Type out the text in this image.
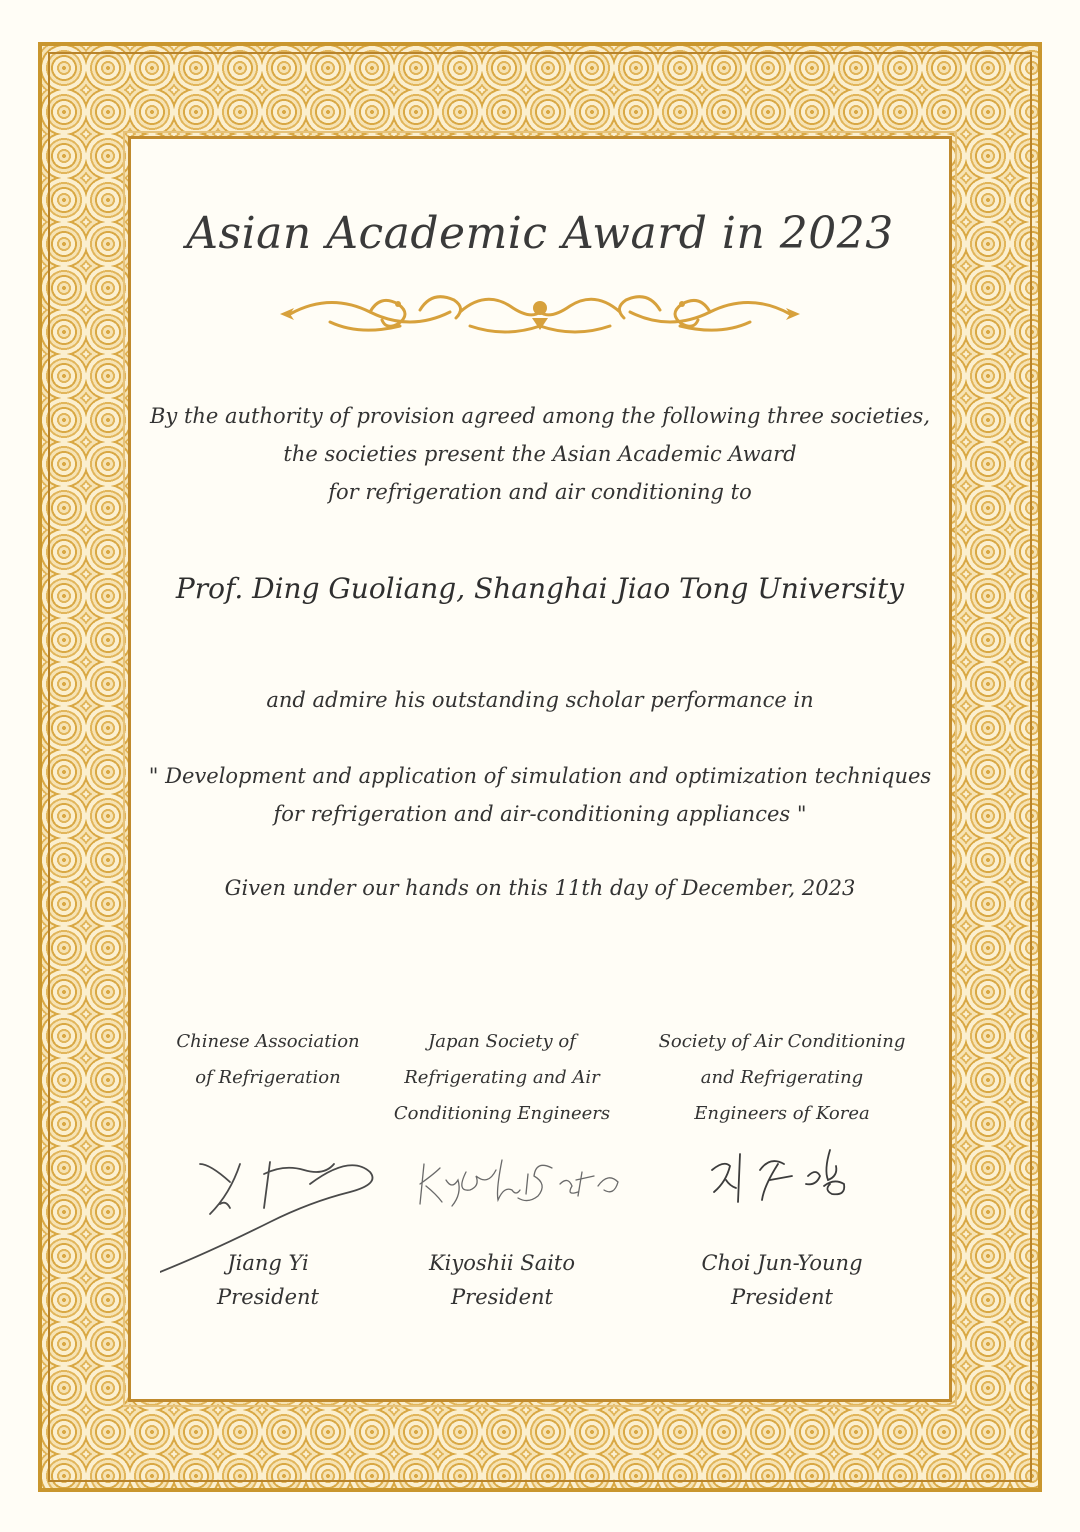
Asian Academic Award in 2023
By the authority of provision agreed among the following three societies,
the societies present the Asian Academic Award
for refrigeration and air conditioning to
Prof. Ding Guoliang, Shanghai Jiao Tong University
and admire his outstanding scholar performance in
" Development and application of simulation and optimization techniques
for refrigeration and air-conditioning appliances "
Given under our hands on this 11th day of December, 2023
Chinese Association
of Refrigeration
Jiang Yi
President
Japan Society of
Refrigerating and Air
Conditioning Engineers
Kiyoshii Saito
President
Society of Air Conditioning
and Refrigerating
Engineers of Korea
Choi Jun-Young
President
